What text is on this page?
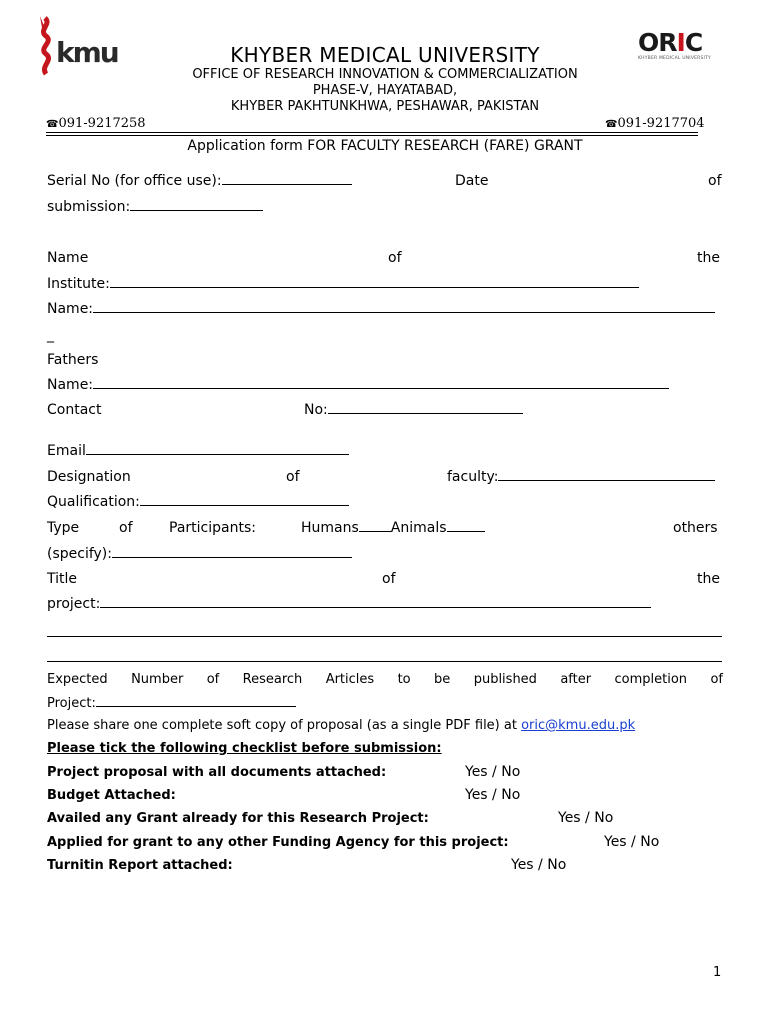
kmu	ORIC
KHYBER MEDICAL UNIVERSITY
KHYBER MEDICAL UNIVERSITY
OFFICE OF RESEARCH INNOVATION & COMMERCIALIZATION
PHASE-V, HAYATABAD,
KHYBER PAKHTUNKHWA, PESHAWAR, PAKISTAN
☎091-9217258	☎091-9217704
Application form FOR FACULTY RESEARCH (FARE) GRANT
Serial No (for office use):	Date	of
submission:
Name	of	the
Institute:
Name:
_
Fathers
Name:
Contact	No:
Email
Designation	of	faculty:
Qualification:
Type	of	Participants:	Humans Animals	others
(specify):
Title	of	the
project:
Expected Number of Research Articles to be published after completion of
Project:
Please share one complete soft copy of proposal (as a single PDF file) at oric@kmu.edu.pk
Please tick the following checklist before submission:
Project proposal with all documents attached:	Yes / No
Budget Attached:	Yes / No
Availed any Grant already for this Research Project:	Yes / No
Applied for grant to any other Funding Agency for this project:	Yes / No
Turnitin Report attached:	Yes / No
1
